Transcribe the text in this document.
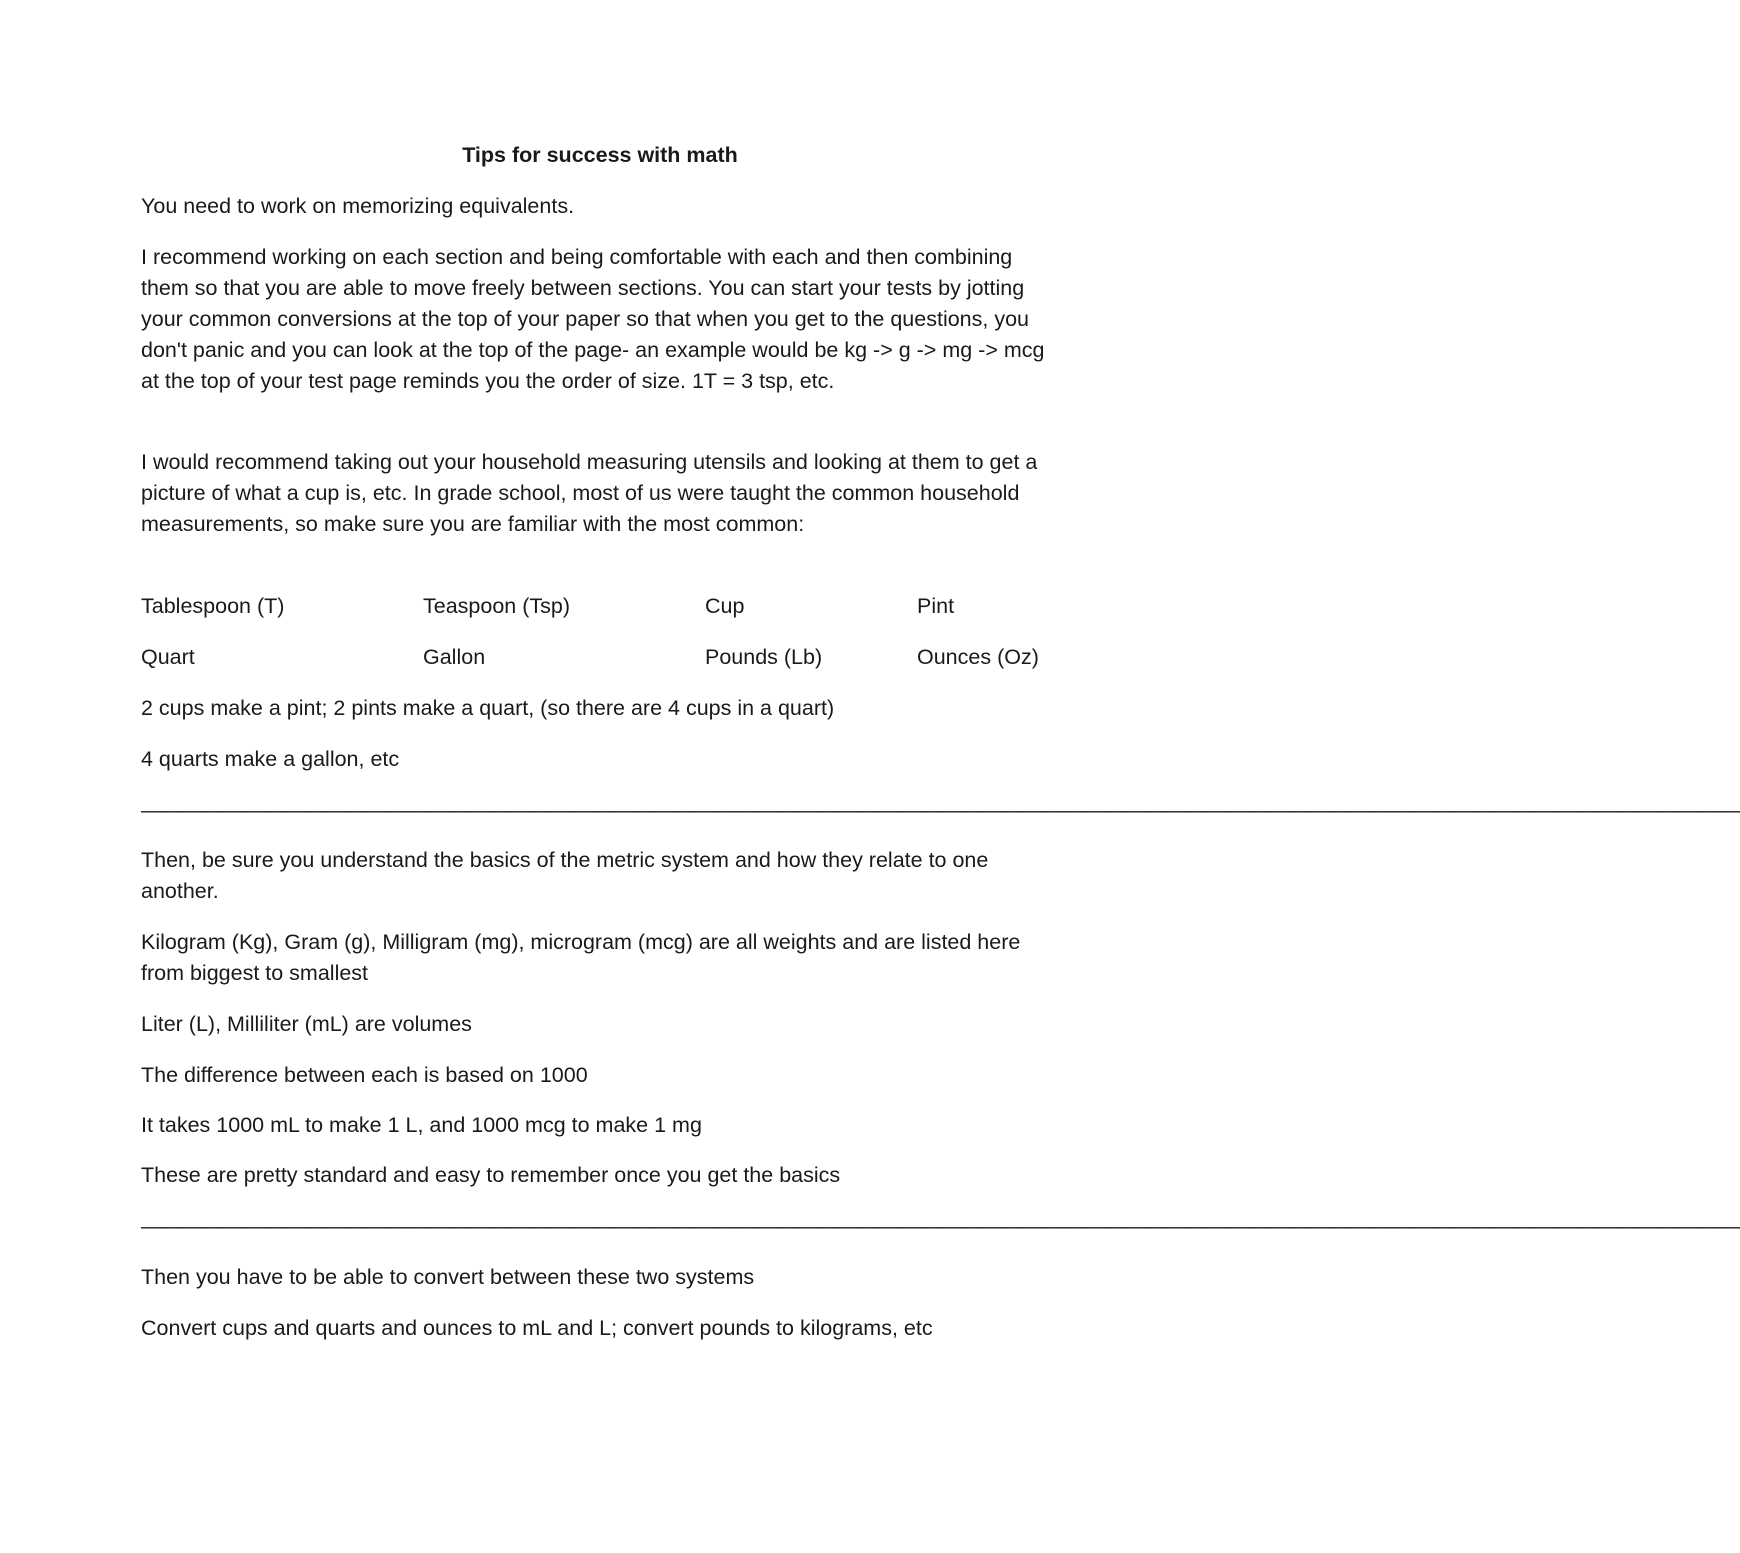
Tips for success with math

You need to work on memorizing equivalents.

I recommend working on each section and being comfortable with each and then combining them so that you are able to move freely between sections. You can start your tests by jotting your common conversions at the top of your paper so that when you get to the questions, you don't panic and you can look at the top of the page- an example would be kg -> g -> mg -> mcg at the top of your test page reminds you the order of size. 1T = 3 tsp, etc.

I would recommend taking out your household measuring utensils and looking at them to get a picture of what a cup is, etc. In grade school, most of us were taught the common household measurements, so make sure you are familiar with the most common:

Tablespoon (T)	Teaspoon (Tsp)	Cup	Pint
Quart	Gallon	Pounds (Lb)	Ounces (Oz)

2 cups make a pint; 2 pints make a quart, (so there are 4 cups in a quart)

4 quarts make a gallon, etc

——————————————————————————————————————————————————————————————————————————————

Then, be sure you understand the basics of the metric system and how they relate to one another.

Kilogram (Kg), Gram (g), Milligram (mg), microgram (mcg) are all weights and are listed here from biggest to smallest

Liter (L), Milliliter (mL) are volumes

The difference between each is based on 1000

It takes 1000 mL to make 1 L, and 1000 mcg to make 1 mg

These are pretty standard and easy to remember once you get the basics

——————————————————————————————————————————————————————————————————————————————

Then you have to be able to convert between these two systems

Convert cups and quarts and ounces to mL and L; convert pounds to kilograms, etc
